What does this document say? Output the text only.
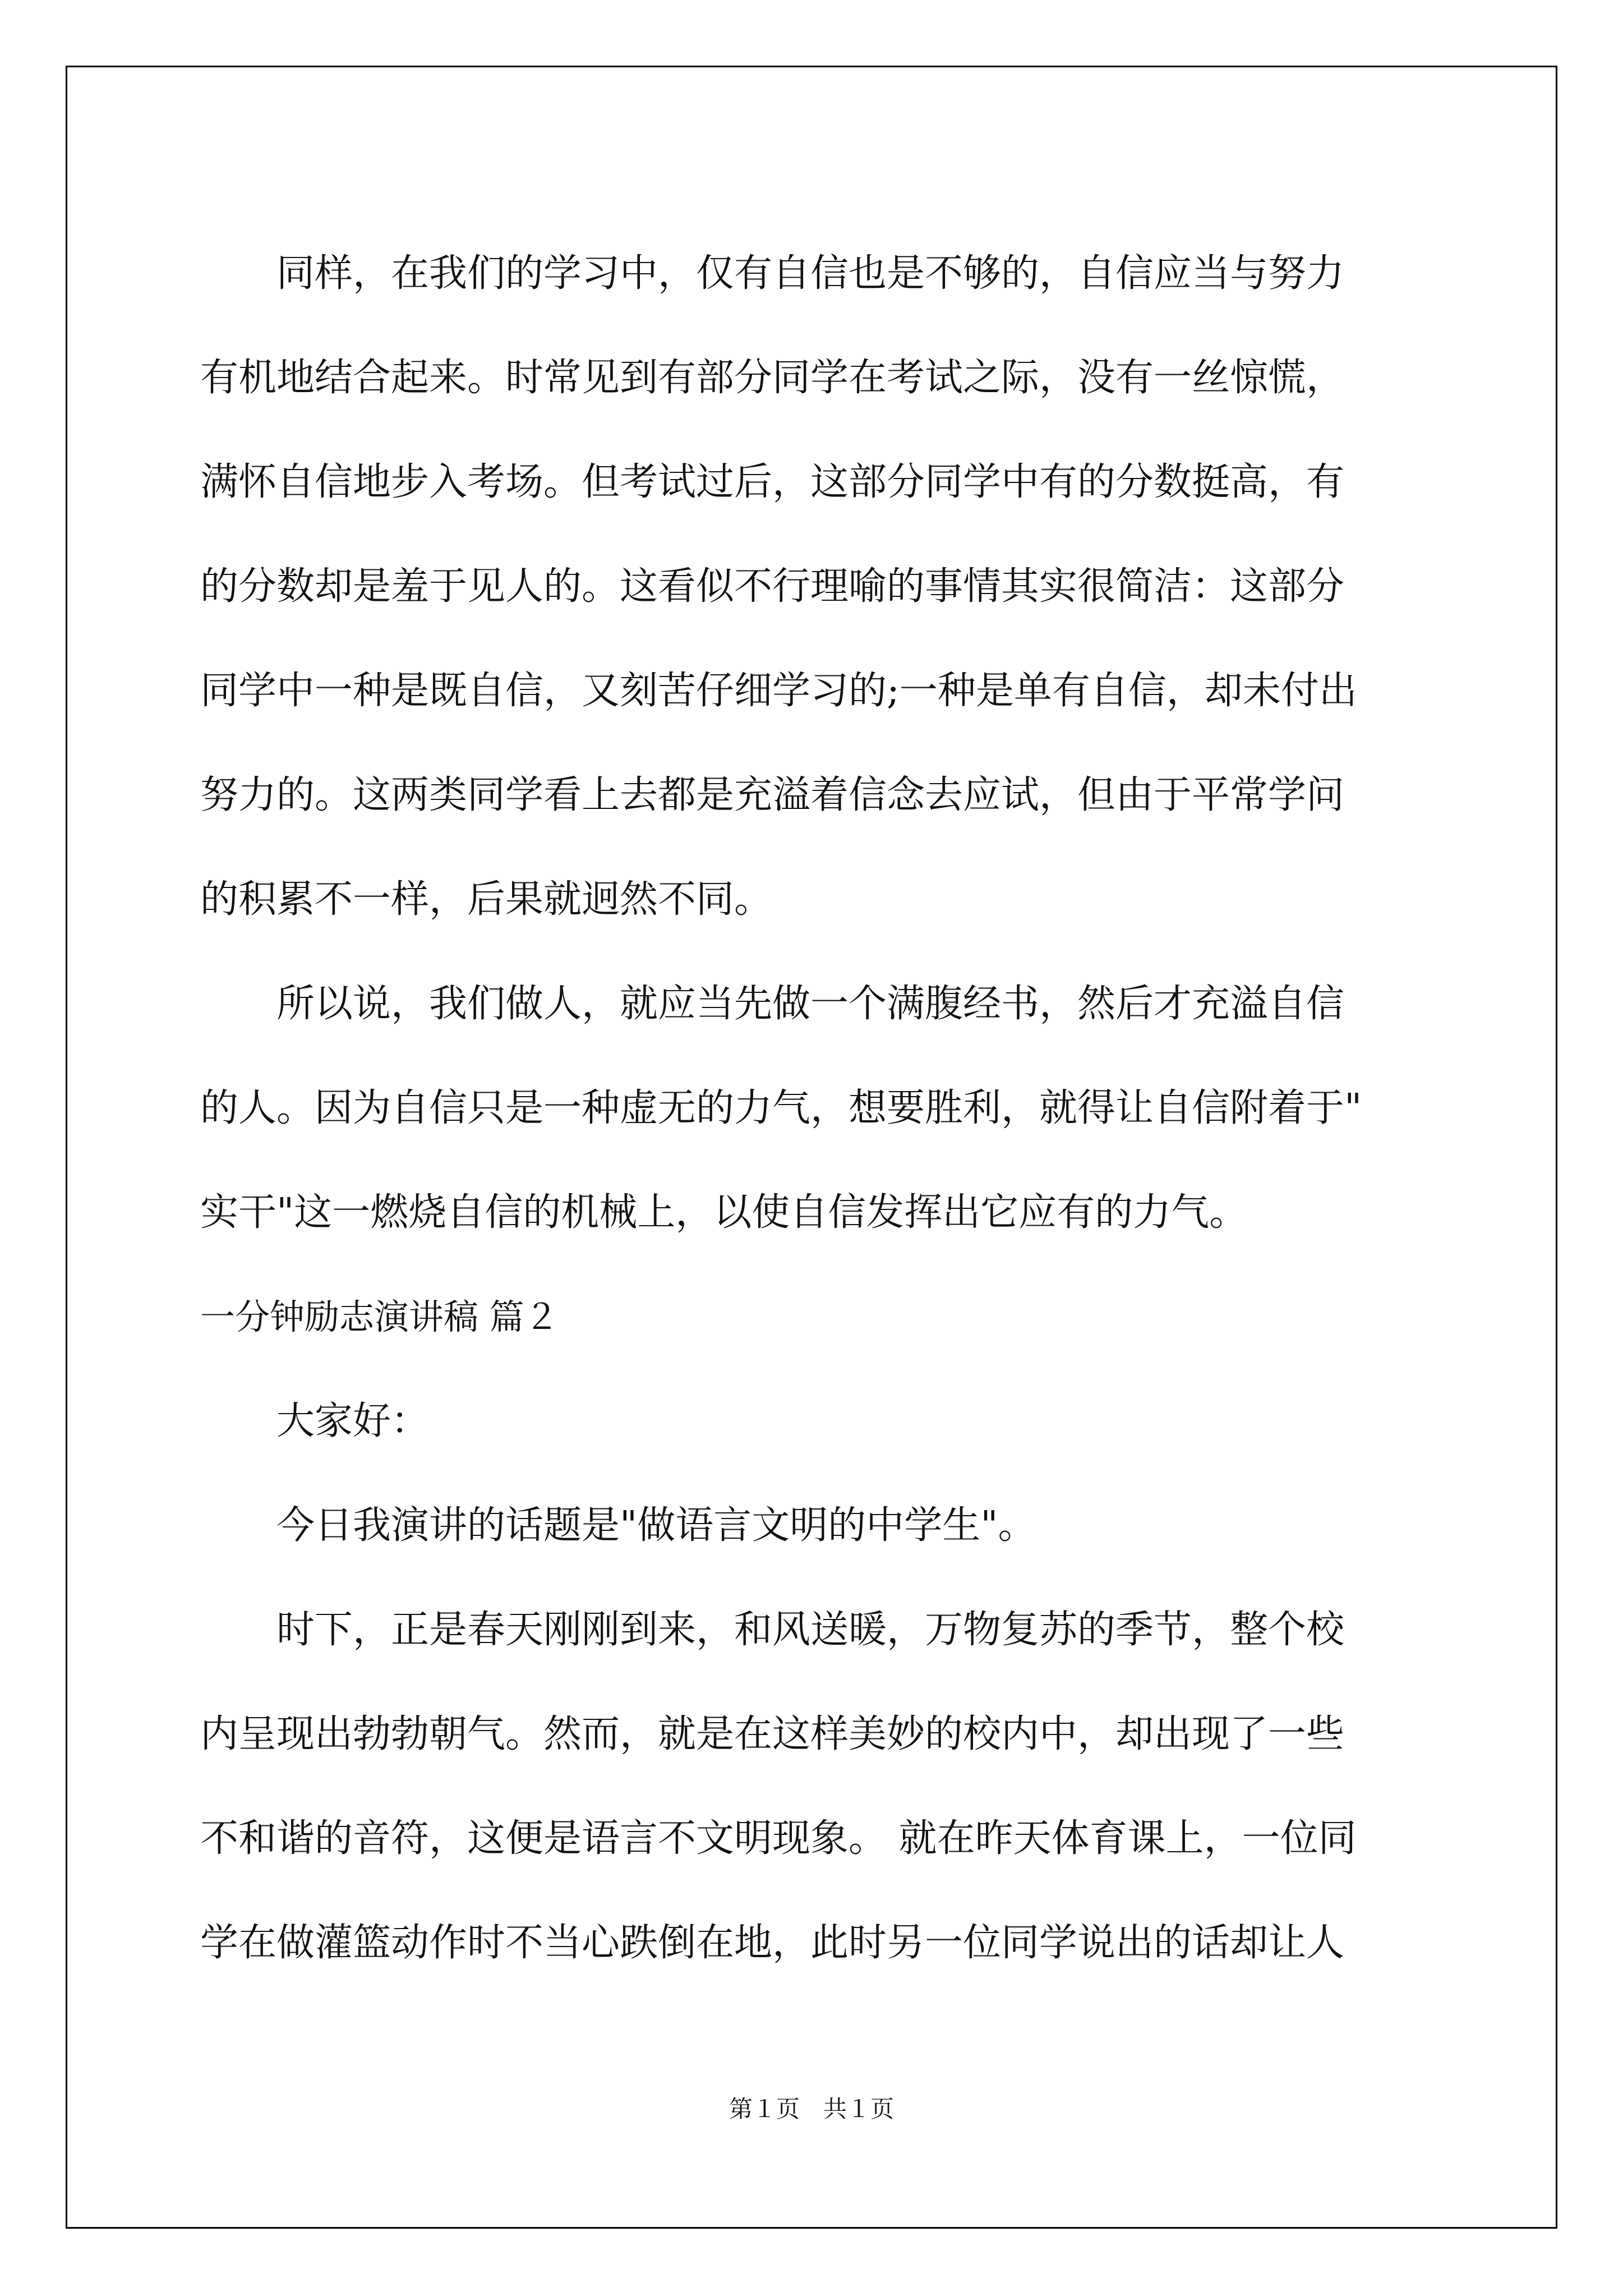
　　同样，在我们的学习中，仅有自信也是不够的，自信应当与努力
有机地结合起来。时常见到有部分同学在考试之际，没有一丝惊慌，
满怀自信地步入考场。但考试过后，这部分同学中有的分数挺高，有
的分数却是羞于见人的。这看似不行理喻的事情其实很简洁：这部分
同学中一种是既自信，又刻苦仔细学习的;一种是单有自信，却未付出
努力的。这两类同学看上去都是充溢着信念去应试，但由于平常学问
的积累不一样，后果就迥然不同。
　　所以说，我们做人，就应当先做一个满腹经书，然后才充溢自信
的人。因为自信只是一种虚无的力气，想要胜利，就得让自信附着于"
实干"这一燃烧自信的机械上，以使自信发挥出它应有的力气。
一分钟励志演讲稿 篇２
　　大家好：
　　今日我演讲的话题是"做语言文明的中学生"。
　　时下，正是春天刚刚到来，和风送暖，万物复苏的季节，整个校
内呈现出勃勃朝气。然而，就是在这样美妙的校内中，却出现了一些
不和谐的音符，这便是语言不文明现象。 就在昨天体育课上，一位同
学在做灌篮动作时不当心跌倒在地，此时另一位同学说出的话却让人
第１页　共１页
